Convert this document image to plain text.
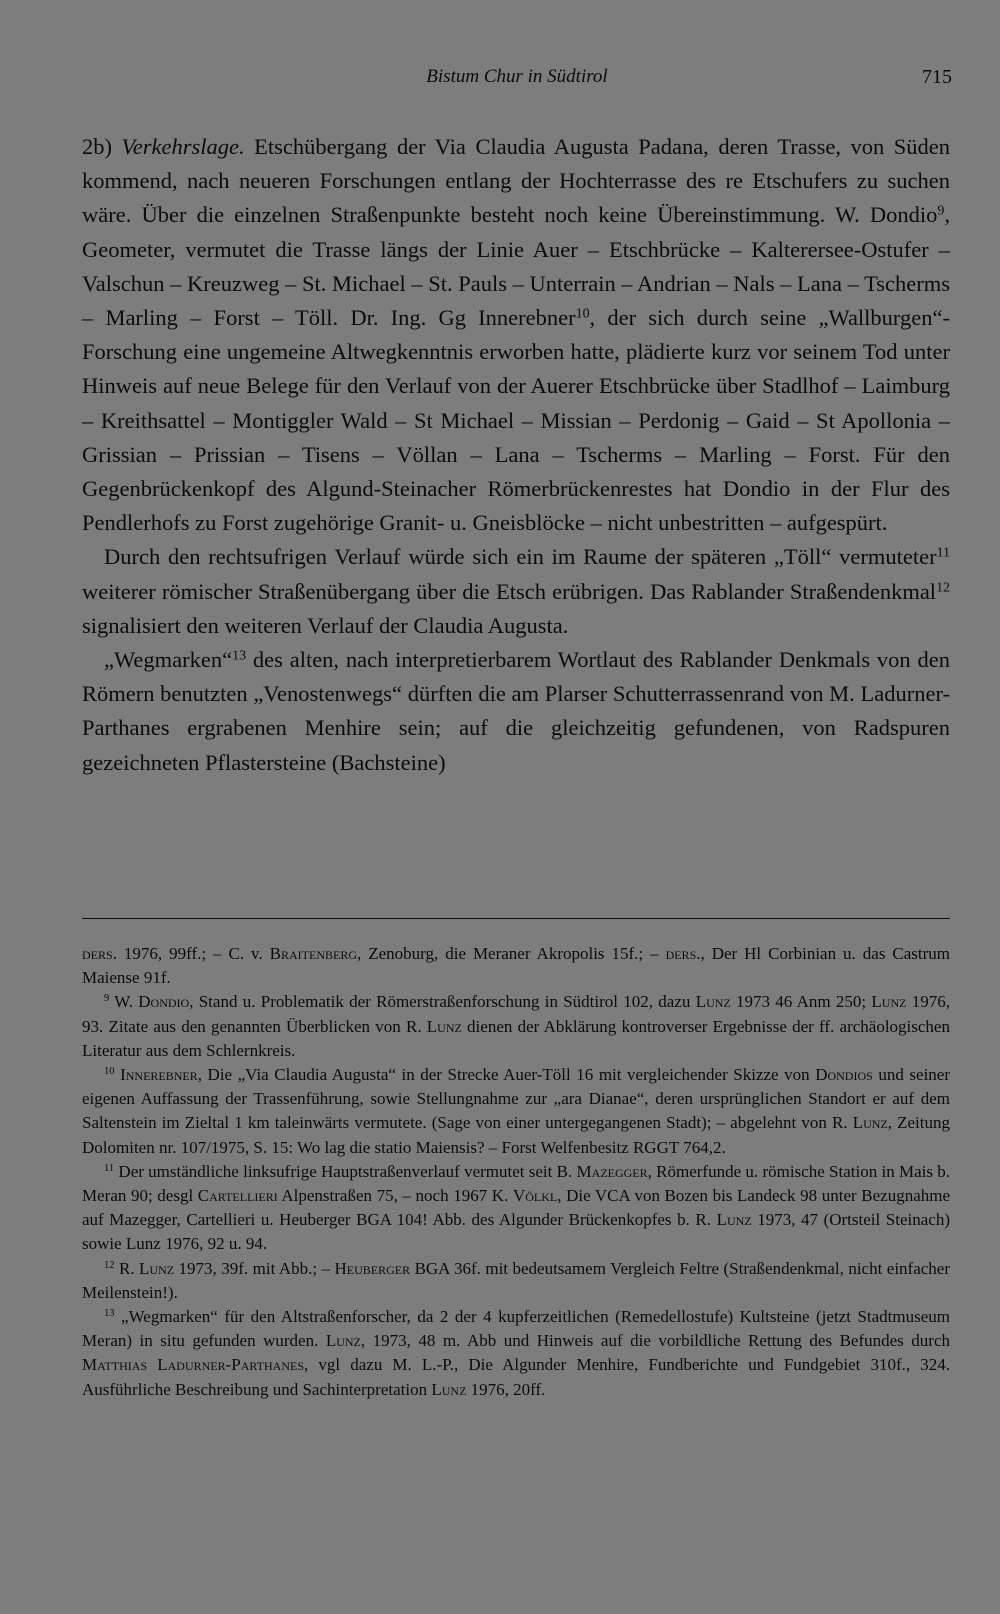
Bistum Chur in Südtirol	715

2b) Verkehrslage. Etschübergang der Via Claudia Augusta Padana, deren Trasse, von Süden kommend, nach neueren Forschungen entlang der Hochterrasse des re Etschufers zu suchen wäre. Über die einzelnen Straßenpunkte besteht noch keine Übereinstimmung. W. Dondio$^9$, Geometer, vermutet die Trasse längs der Linie Auer – Etschbrücke – Kalterersee-Ostufer – Valschun – Kreuzweg – St. Michael – St. Pauls – Unterrain – Andrian – Nals – Lana – Tscherms – Marling – Forst – Töll. Dr. Ing. Gg Innerebner$^{10}$, der sich durch seine „Wallburgen“-Forschung eine ungemeine Altwegkenntnis erworben hatte, plädierte kurz vor seinem Tod unter Hinweis auf neue Belege für den Verlauf von der Auerer Etschbrücke über Stadlhof – Laimburg – Kreithsattel – Montiggler Wald – St Michael – Missian – Perdonig – Gaid – St Apollonia – Grissian – Prissian – Tisens – Völlan – Lana – Tscherms – Marling – Forst. Für den Gegenbrückenkopf des Algund-Steinacher Römerbrückenrestes hat Dondio in der Flur des Pendlerhofs zu Forst zugehörige Granit- u. Gneisblöcke – nicht unbestritten – aufgespürt.

Durch den rechtsufrigen Verlauf würde sich ein im Raume der späteren „Töll“ vermuteter$^{11}$ weiterer römischer Straßenübergang über die Etsch erübrigen. Das Rablander Straßendenkmal$^{12}$ signalisiert den weiteren Verlauf der Claudia Augusta.

„Wegmarken“$^{13}$ des alten, nach interpretierbarem Wortlaut des Rablander Denkmals von den Römern benutzten „Venostenwegs“ dürften die am Plarser Schutterrassenrand von M. Ladurner-Parthanes ergrabenen Menhire sein; auf die gleichzeitig gefundenen, von Radspuren gezeichneten Pflastersteine (Bachsteine)

ders. 1976, 99ff.; – C. v. Braitenberg, Zenoburg, die Meraner Akropolis 15f.; – ders., Der Hl Corbinian u. das Castrum Maiense 91f.

$^9$ W. Dondio, Stand u. Problematik der Römerstraßenforschung in Südtirol 102, dazu Lunz 1973 46 Anm 250; Lunz 1976, 93. Zitate aus den genannten Überblicken von R. Lunz dienen der Abklärung kontroverser Ergebnisse der ff. archäologischen Literatur aus dem Schlernkreis.

$^{10}$ Innerebner, Die „Via Claudia Augusta“ in der Strecke Auer-Töll 16 mit vergleichender Skizze von Dondios und seiner eigenen Auffassung der Trassenführung, sowie Stellungnahme zur „ara Dianae“, deren ursprünglichen Standort er auf dem Saltenstein im Zieltal 1 km taleinwärts vermutete. (Sage von einer untergegangenen Stadt); – abgelehnt von R. Lunz, Zeitung Dolomiten nr. 107/1975, S. 15: Wo lag die statio Maiensis? – Forst Welfenbesitz RGGT 764,2.

$^{11}$ Der umständliche linksufrige Hauptstraßenverlauf vermutet seit B. Mazegger, Römerfunde u. römische Station in Mais b. Meran 90; desgl Cartellieri Alpenstraßen 75, – noch 1967 K. Völkl, Die VCA von Bozen bis Landeck 98 unter Bezugnahme auf Mazegger, Cartellieri u. Heuberger BGA 104! Abb. des Algunder Brückenkopfes b. R. Lunz 1973, 47 (Ortsteil Steinach) sowie Lunz 1976, 92 u. 94.

$^{12}$ R. Lunz 1973, 39f. mit Abb.; – Heuberger BGA 36f. mit bedeutsamem Vergleich Feltre (Straßendenkmal, nicht einfacher Meilenstein!).

$^{13}$ „Wegmarken“ für den Altstraßenforscher, da 2 der 4 kupferzeitlichen (Remedellostufe) Kultsteine (jetzt Stadtmuseum Meran) in situ gefunden wurden. Lunz, 1973, 48 m. Abb und Hinweis auf die vorbildliche Rettung des Befundes durch Matthias Ladurner-Parthanes, vgl dazu M. L.-P., Die Algunder Menhire, Fundberichte und Fundgebiet 310f., 324. Ausführliche Beschreibung und Sachinterpretation Lunz 1976, 20ff.
